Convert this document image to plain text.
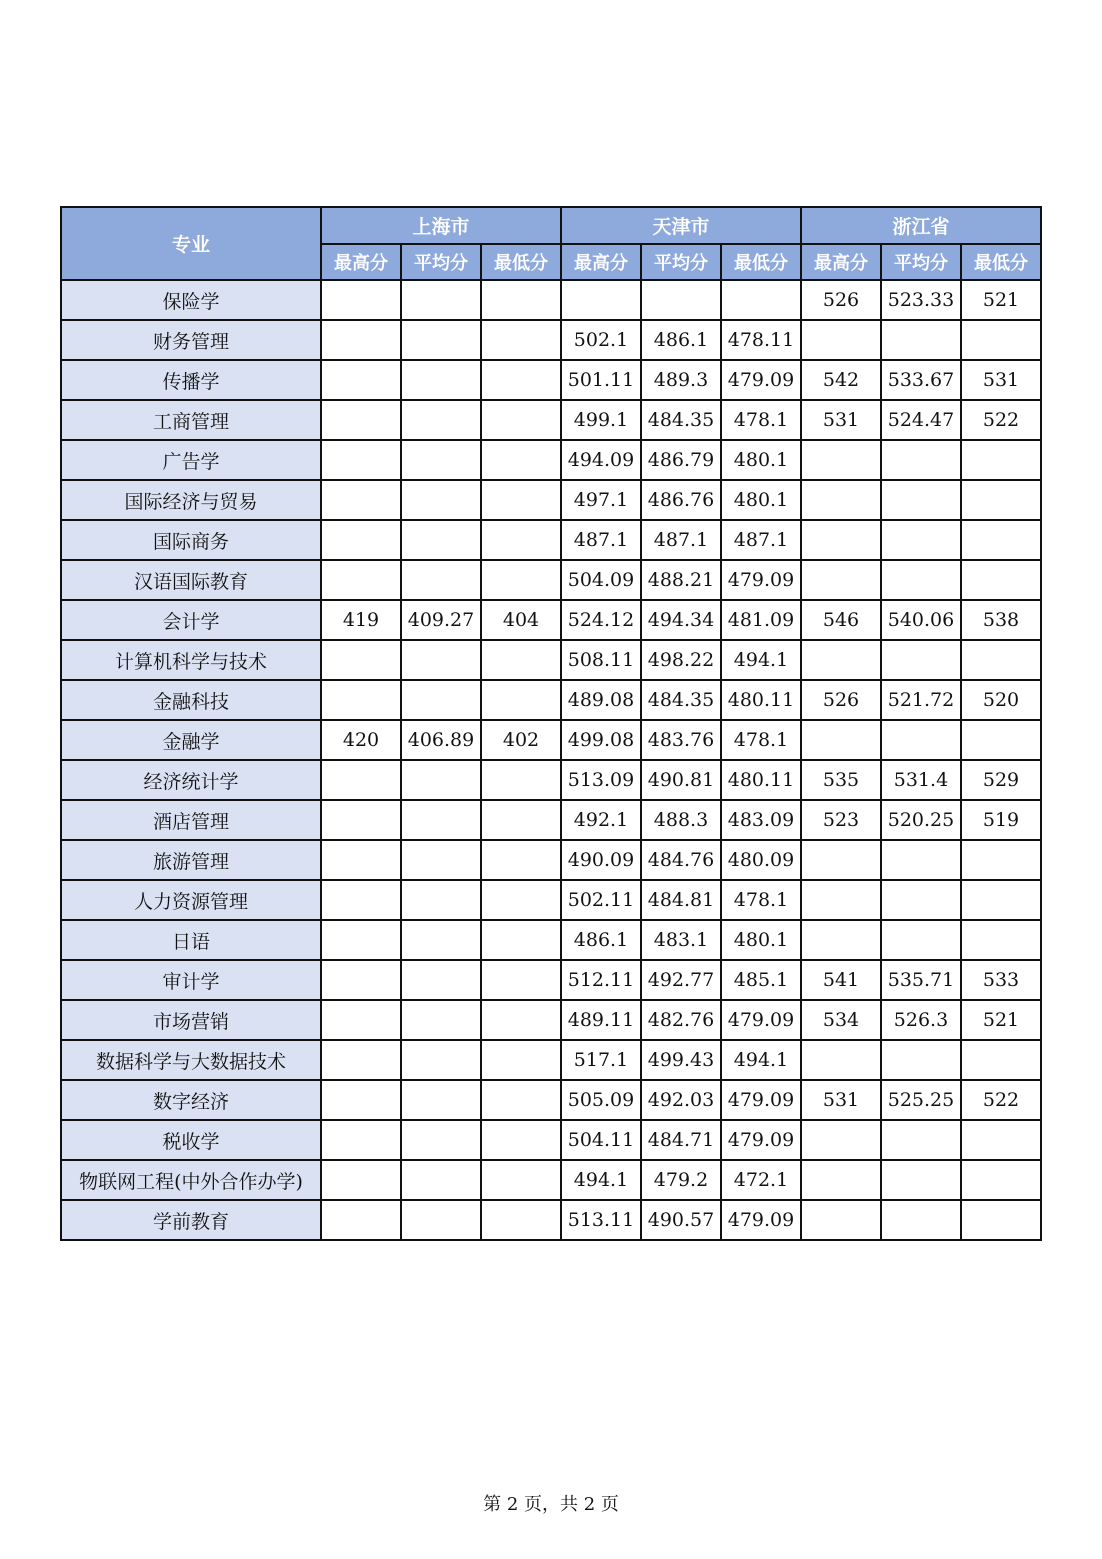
专业	上海市			天津市			浙江省		
	最高分	平均分	最低分	最高分	平均分	最低分	最高分	平均分	最低分
保险学							526	523.33	521
财务管理				502.1	486.1	478.11			
传播学				501.11	489.3	479.09	542	533.67	531
工商管理				499.1	484.35	478.1	531	524.47	522
广告学				494.09	486.79	480.1			
国际经济与贸易				497.1	486.76	480.1			
国际商务				487.1	487.1	487.1			
汉语国际教育				504.09	488.21	479.09			
会计学	419	409.27	404	524.12	494.34	481.09	546	540.06	538
计算机科学与技术				508.11	498.22	494.1			
金融科技				489.08	484.35	480.11	526	521.72	520
金融学	420	406.89	402	499.08	483.76	478.1			
经济统计学				513.09	490.81	480.11	535	531.4	529
酒店管理				492.1	488.3	483.09	523	520.25	519
旅游管理				490.09	484.76	480.09			
人力资源管理				502.11	484.81	478.1			
日语				486.1	483.1	480.1			
审计学				512.11	492.77	485.1	541	535.71	533
市场营销				489.11	482.76	479.09	534	526.3	521
数据科学与大数据技术				517.1	499.43	494.1			
数字经济				505.09	492.03	479.09	531	525.25	522
税收学				504.11	484.71	479.09			
物联网工程(中外合作办学)				494.1	479.2	472.1			
学前教育				513.11	490.57	479.09			
第 2 页，共 2 页
